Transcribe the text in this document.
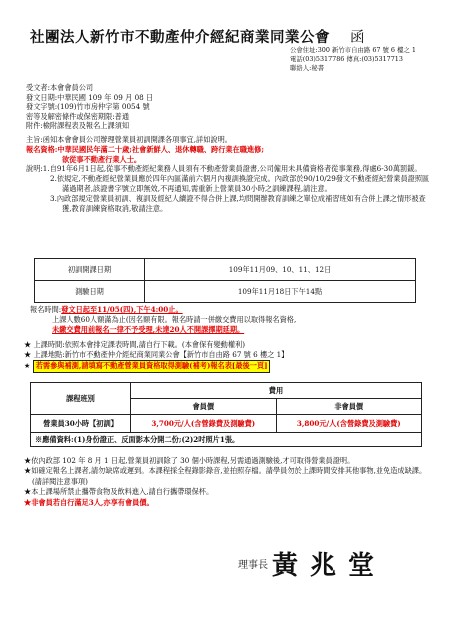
社團法人新竹市不動產仲介經紀商業同業公會 函
公會住址:300 新竹市自由路 67 號 6 樓之 1
電話(03)5317786 傳真:(03)5317713
聯絡人:秘書
受文者:本會會員公司
發文日期:中華民國 109 年 09 月 08 日
發文字號:(109)竹市房仲字第 0054 號
密等及解密條件或保密期限:普通
附件:檢附課程表及報名上課須知
主旨:函知本會會員公司辦理營業員初訓開課各項事宜,詳如說明。
報名資格:中華民國民年滿二十歲;社會新鮮人、退休轉職、跨行業在職進修;
欲從事不動產行業人士。
說明:1.自91年6月1日起,從事不動產經紀業務人員須有不動產營業員證書,公司僱用未具備資格者從事業務,得處6-30萬罰鍰。
2.依規定,不動產經紀營業員應於四年內區滿前六個月內複訓換證完成。內政部於90/10/29發文不動產經紀營業員證照區滿過期者,該證書字號立即無效,不再通知,需重新上營業員30小時之訓練課程,請注意。
3.內政部規定營業員初訓、複訓及經紀人續證不得合併上課,均問開辦教育訓練之單位成補習班如有合併上課之情形被查獲,教育訓練資格取消,敬請注意。
初訓開課日期	109年11月09、10、11、12日
測驗日期	109年11月18日下午14點
報名時間:發文日起至11/05(四),下午4:00止。
上課人數60人額滿為止(因名額有限。報名時請一併繳交費用以取得報名資格,
未繳交費用前報名一律不予受理,未達20人不開課擇期延期。
★ 上課時間:依照本會排定課表時間,請自行下載。(本會保有變動權利)
★ 上課地點:新竹市不動產仲介經紀商業同業公會【新竹市自由路 67 號 6 樓之 1】
★ 若需參與補測,請填寫不動產營業員資格取得測驗(補考)報名表[最後一頁]
課程班別	費用	
	會員價	非會員價
營業員30小時【初訓】	3,700元/人(含營錄費及測驗費)	3,800元/人(含營錄費及測驗費)
※應備資料:(1)身份證正、反面影本分開二份;(2)2吋照片1張。		
★依內政部 102 年 8 月 1 日起,營業員初訓除了 30 個小時課程,另需通過測驗後,才可取得營業員證明。
★如確定報名上課者,請勿缺席或遲到。本課程採全程錄影錄音,並拍照存檔。請學員勿於上課時間安排其他事物,並免造成缺課。(請詳閱注意事項)
★本上課場所禁止攜帶食物及飲料進入,請自行攜帶環保杯。
★非會員若自行滿足3人,亦享有會員價。
理事長 黃兆堂
